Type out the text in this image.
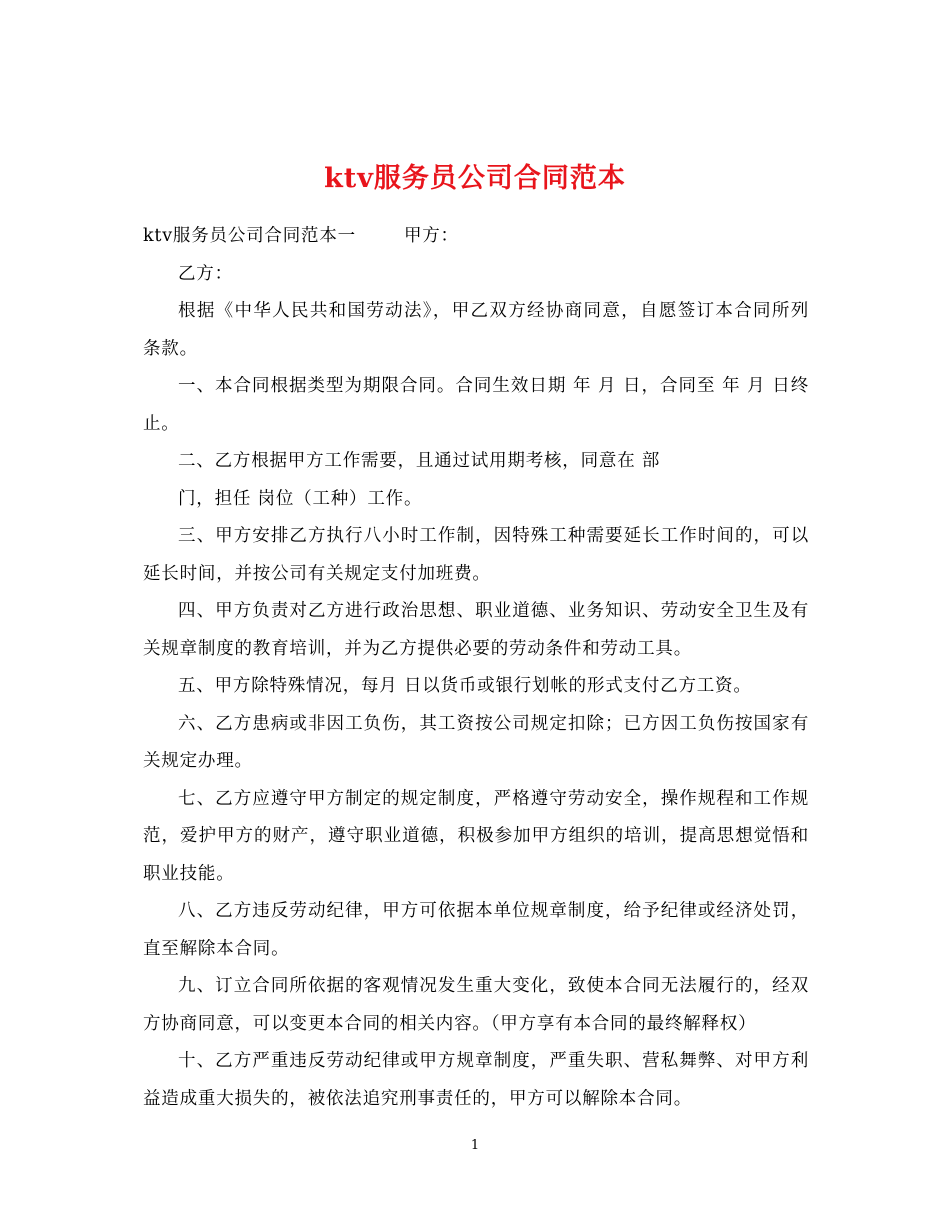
ktv服务员公司合同范本

ktv服务员公司合同范本一	甲方：

乙方：

根据《中华人民共和国劳动法》，甲乙双方经协商同意，自愿签订本合同所列条款。

一、本合同根据类型为期限合同。合同生效日期 年 月 日，合同至 年 月 日终止。

二、乙方根据甲方工作需要，且通过试用期考核，同意在 部

门，担任 岗位（工种）工作。

三、甲方安排乙方执行八小时工作制，因特殊工种需要延长工作时间的，可以延长时间，并按公司有关规定支付加班费。

四、甲方负责对乙方进行政治思想、职业道德、业务知识、劳动安全卫生及有关规章制度的教育培训，并为乙方提供必要的劳动条件和劳动工具。

五、甲方除特殊情况，每月 日以货币或银行划帐的形式支付乙方工资。

六、乙方患病或非因工负伤，其工资按公司规定扣除；已方因工负伤按国家有关规定办理。

七、乙方应遵守甲方制定的规定制度，严格遵守劳动安全，操作规程和工作规范，爱护甲方的财产，遵守职业道德，积极参加甲方组织的培训，提高思想觉悟和职业技能。

八、乙方违反劳动纪律，甲方可依据本单位规章制度，给予纪律或经济处罚，直至解除本合同。

九、订立合同所依据的客观情况发生重大变化，致使本合同无法履行的，经双方协商同意，可以变更本合同的相关内容。（甲方享有本合同的最终解释权）

十、乙方严重违反劳动纪律或甲方规章制度，严重失职、营私舞弊、对甲方利益造成重大损失的，被依法追究刑事责任的，甲方可以解除本合同。

1
